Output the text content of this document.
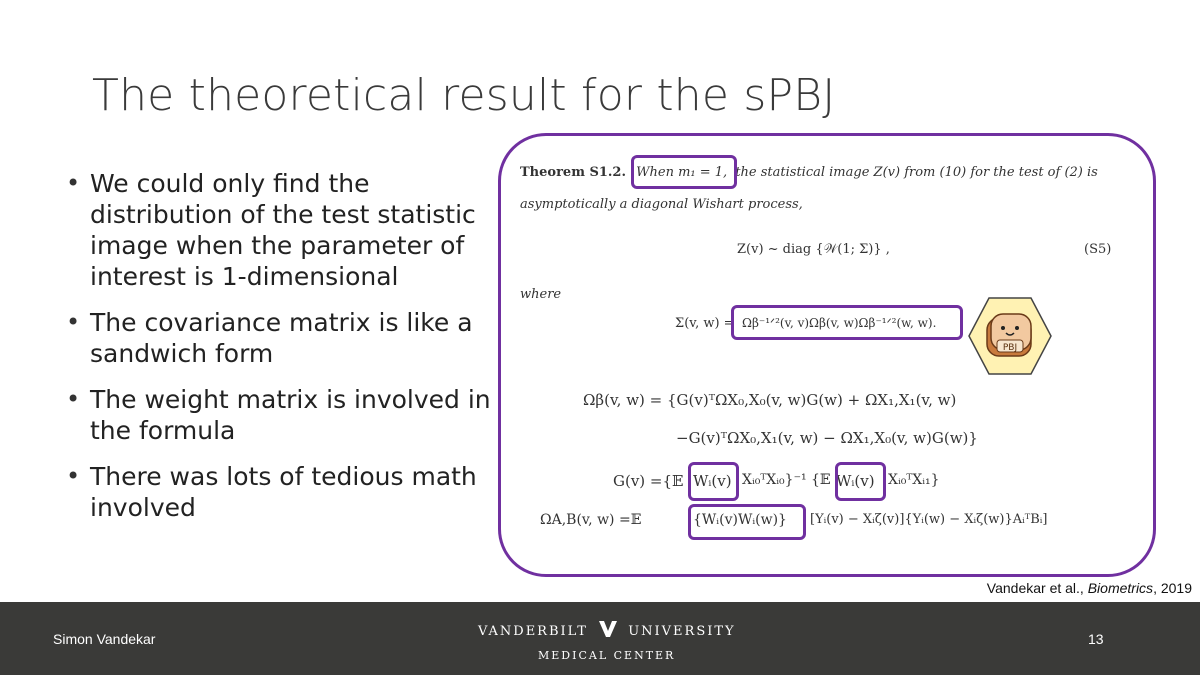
The theoretical result for the sPBJ
• We could only find the distribution of the test statistic image when the parameter of interest is 1-dimensional
• The covariance matrix is like a sandwich form
• The weight matrix is involved in the formula
• There was lots of tedious math involved
Theorem S1.2. When m₁ = 1, the statistical image Z(v) from (10) for the test of (2) is
asymptotically a diagonal Wishart process,
Z(v) ~ diag {𝒲(1; Σ)} ,	(S5)
where
Σ(v, w) = Ωβ⁻¹ᐟ²(v, v)Ωβ(v, w)Ωβ⁻¹ᐟ²(w, w).
PBJ
Ωβ(v, w) = {G(v)ᵀΩX₀,X₀(v, w)G(w) + ΩX₁,X₁(v, w)
−G(v)ᵀΩX₀,X₁(v, w) − ΩX₁,X₀(v, w)G(w)}
G(v) ={𝔼 Wᵢ(v) Xᵢ₀ᵀXᵢ₀}⁻¹ {𝔼 Wᵢ(v) Xᵢ₀ᵀXᵢ₁}
ΩA,B(v, w) =𝔼	{Wᵢ(v)Wᵢ(w)} [Yᵢ(v) − Xᵢζ(v)]{Yᵢ(w) − Xᵢζ(w)}AᵢᵀBᵢ]
Vandekar et al., Biometrics, 2019
Simon Vandekar	VANDERBILT	UNIVERSITY
MEDICAL CENTER
13
